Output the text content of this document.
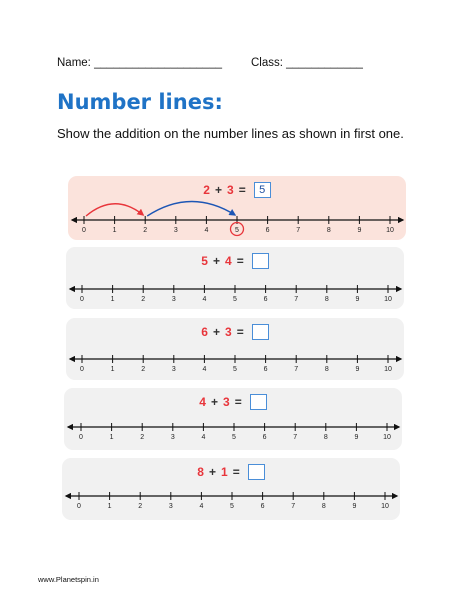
Name: ____________________	Class: ____________
Number lines:
Show the addition on the number lines as shown in first one.
2 + 3 =	5
0	1	2	3	4	5	6	7	8	9	10
5 + 4 =
0	1	2	3	4	5	6	7	8	9	10
6 + 3 =
0	1	2	3	4	5	6	7	8	9	10
4 + 3 =
0	1	2	3	4	5	6	7	8	9	10
8 + 1 =
0	1	2	3	4	5	6	7	8	9	10
www.Planetspin.in
